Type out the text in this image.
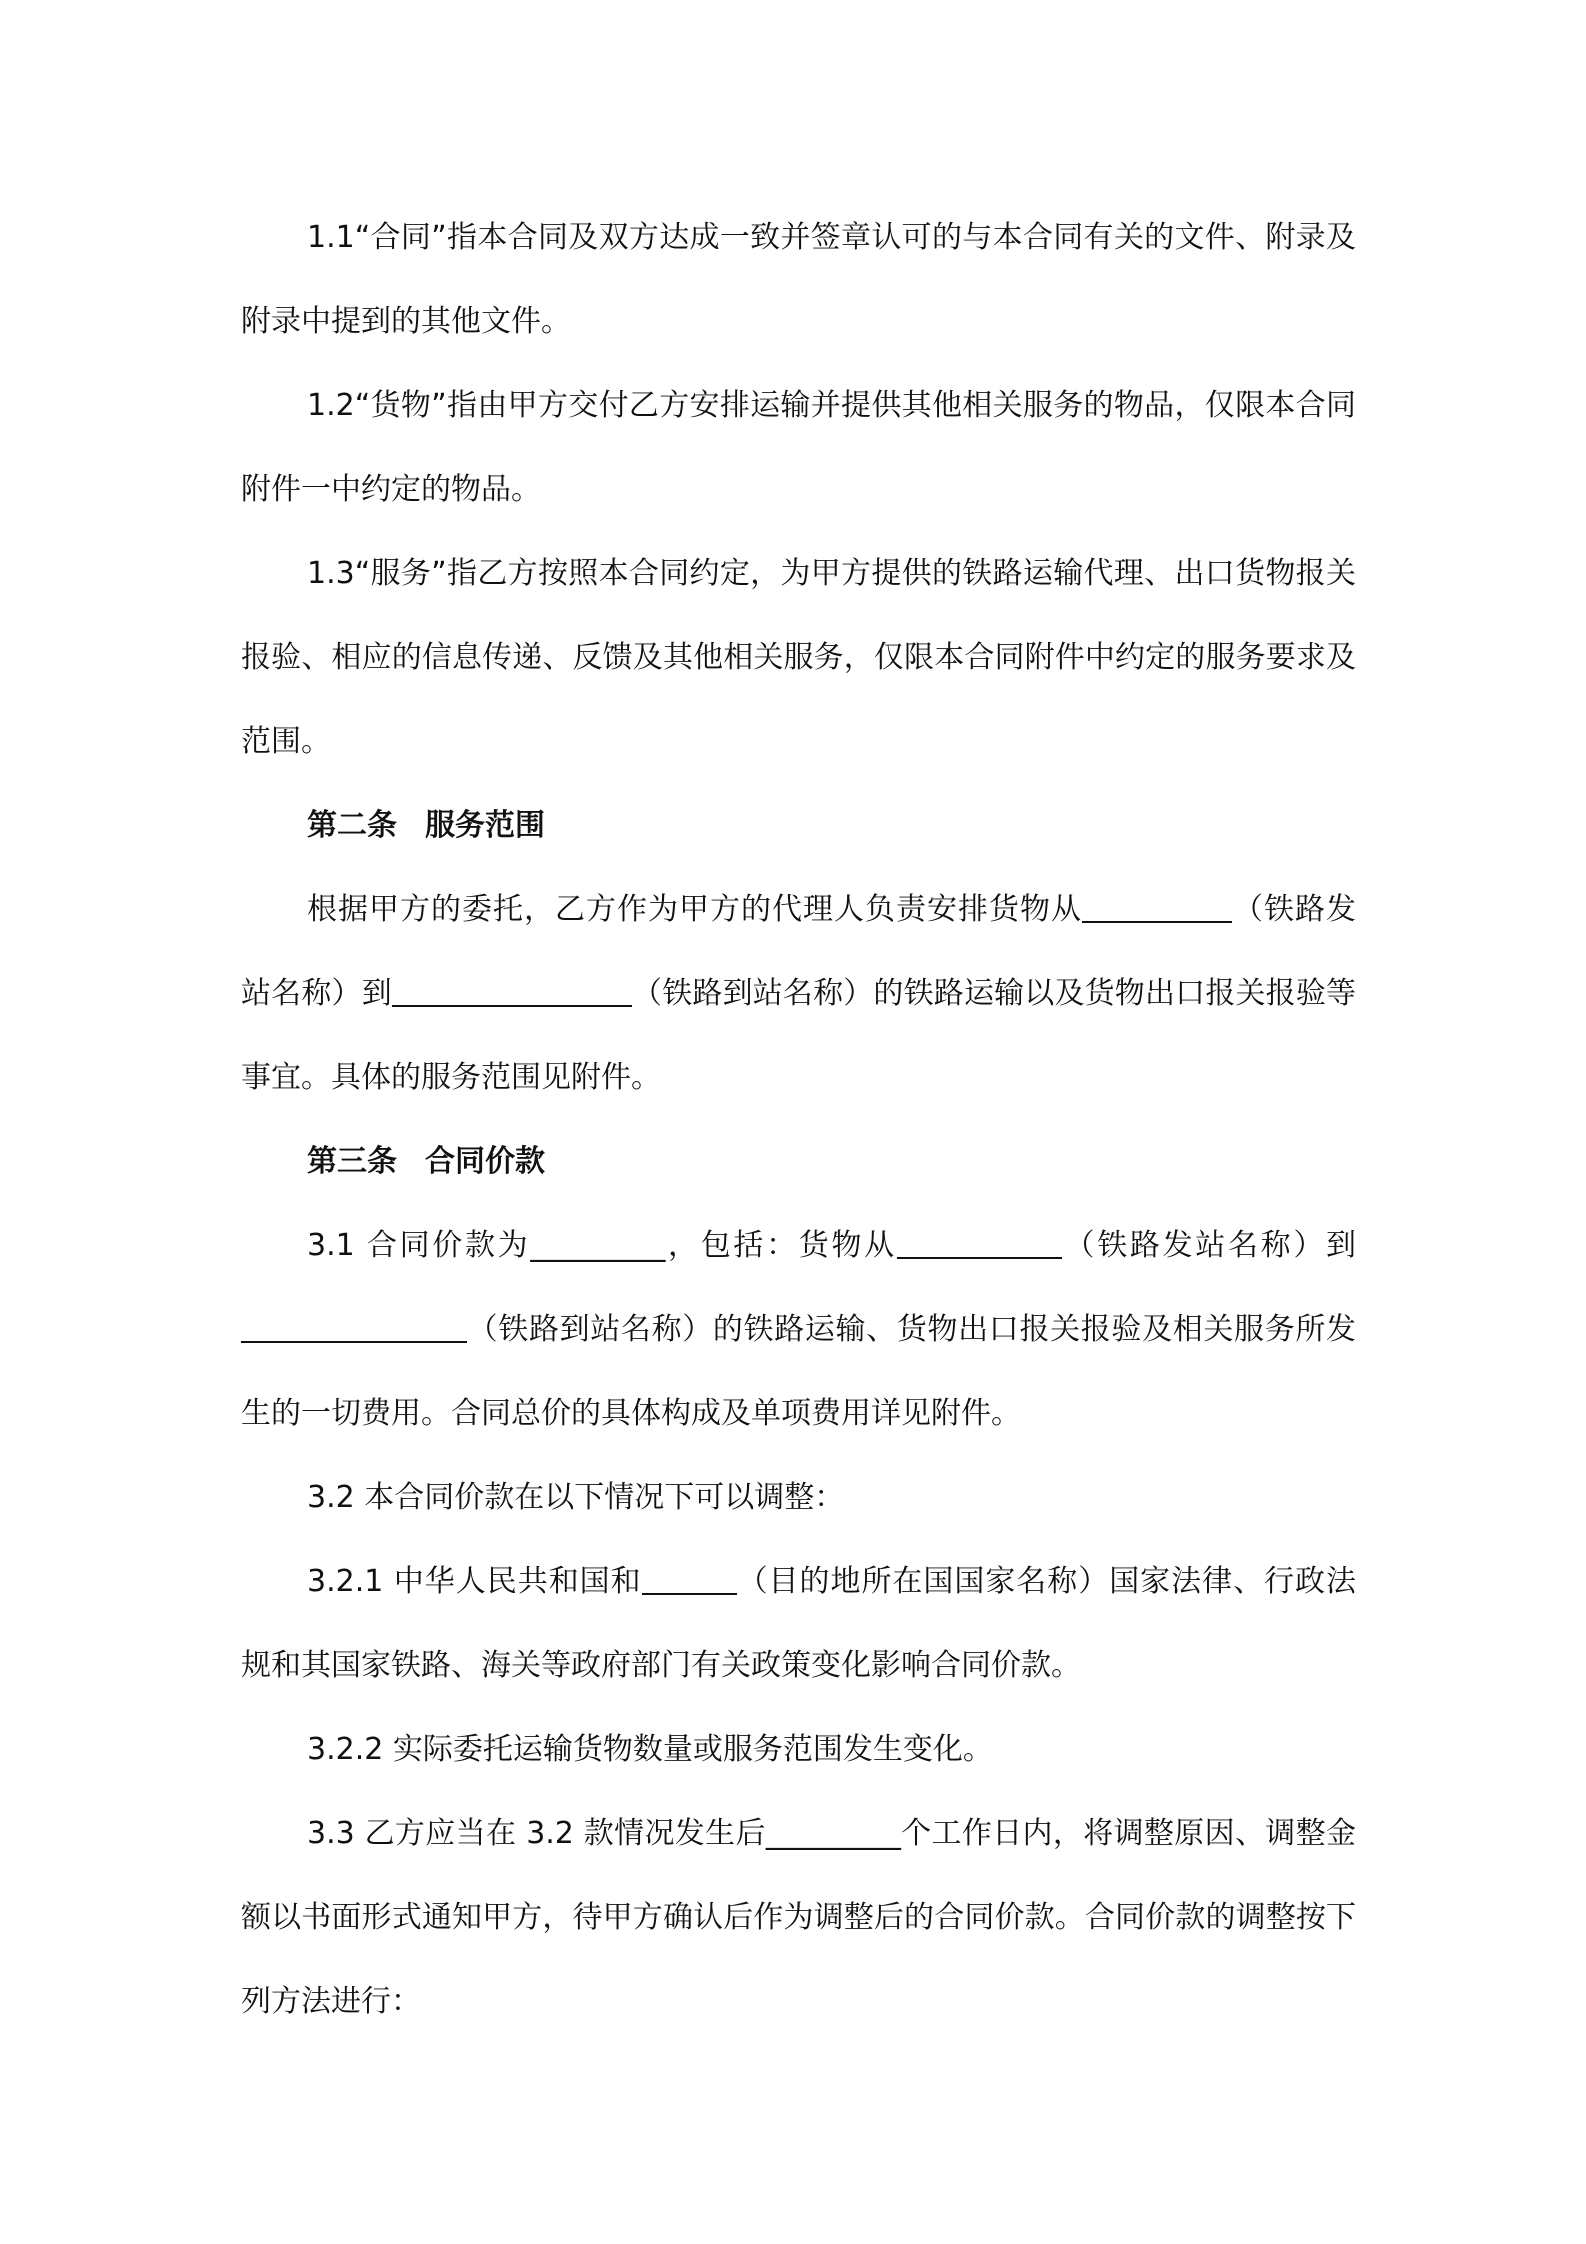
1.1“合同”指本合同及双方达成一致并签章认可的与本合同有关的文件、附录及附录中提到的其他文件。

1.2“货物”指由甲方交付乙方安排运输并提供其他相关服务的物品，仅限本合同附件一中约定的物品。

1.3“服务”指乙方按照本合同约定，为甲方提供的铁路运输代理、出口货物报关报验、相应的信息传递、反馈及其他相关服务，仅限本合同附件中约定的服务要求及范围。

第二条 服务范围

根据甲方的委托，乙方作为甲方的代理人负责安排货物从	（铁路发站名称）到	（铁路到站名称）的铁路运输以及货物出口报关报验等事宜。具体的服务范围见附件。

第三条 合同价款

3.1 合同价款为_________，包括：货物从	（铁路发站名称）到（铁路到站名称）的铁路运输、货物出口报关报验及相关服务所发生的一切费用。合同总价的具体构成及单项费用详见附件。

3.2 本合同价款在以下情况下可以调整：

3.2.1 中华人民共和国和	（目的地所在国国家名称）国家法律、行政法规和其国家铁路、海关等政府部门有关政策变化影响合同价款。

3.2.2 实际委托运输货物数量或服务范围发生变化。

3.3 乙方应当在 3.2 款情况发生后_________个工作日内，将调整原因、调整金额以书面形式通知甲方，待甲方确认后作为调整后的合同价款。合同价款的调整按下列方法进行：
